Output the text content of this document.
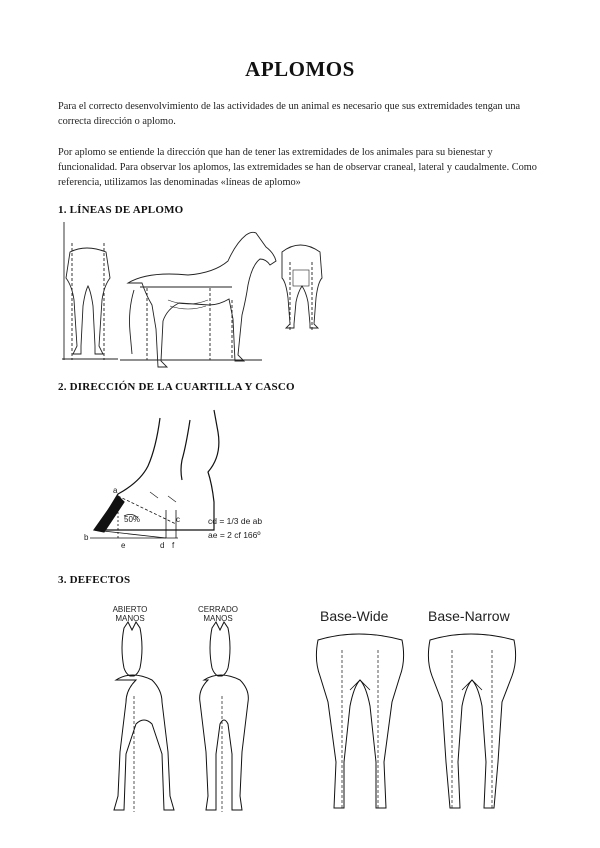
APLOMOS
Para el correcto desenvolvimiento de las actividades de un animal es necesario que sus extremidades tengan una correcta dirección o aplomo.
Por aplomo se entiende la dirección que han de tener las extremidades de los animales para su bienestar y funcionalidad. Para observar los aplomos, las extremidades se han de observar craneal, lateral y caudalmente. Como referencia, utilizamos las denominadas «líneas de aplomo»
1. LÍNEAS DE APLOMO
2. DIRECCIÓN DE LA CUARTILLA Y CASCO
a
b
c
d
e	f
50%	cd = 1/3 de ab
ae = 2 cf 166º
3. DEFECTOS
ABIERTO
MANOS
CERRADO
MANOS	Base-Wide	Base-Narrow
